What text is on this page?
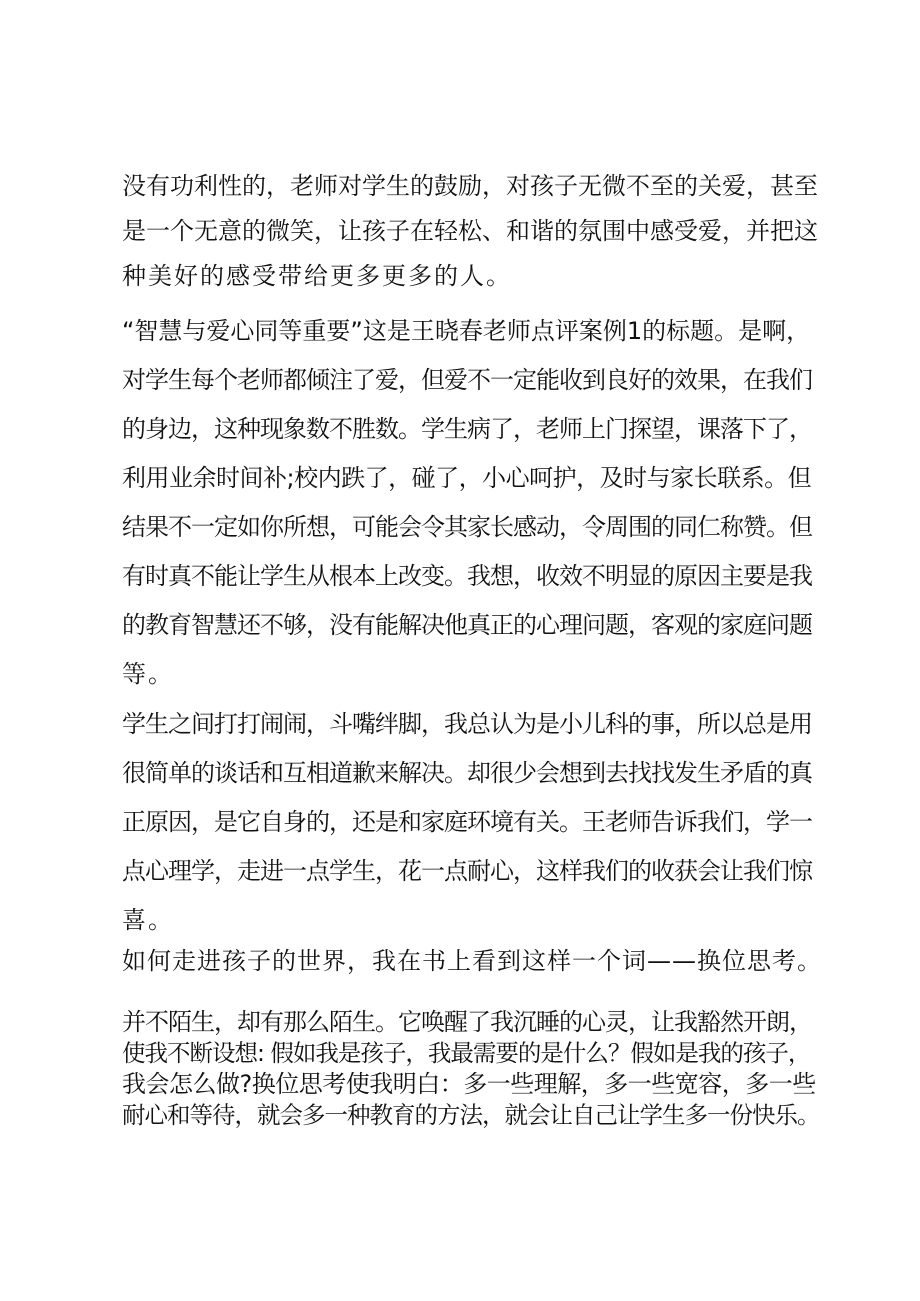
没有功利性的，老师对学生的鼓励，对孩子无微不至的关爱，甚至
是一个无意的微笑，让孩子在轻松、和谐的氛围中感受爱，并把这
种美好的感受带给更多更多的人。
“智慧与爱心同等重要”这是王晓春老师点评案例1的标题。是啊，
对学生每个老师都倾注了爱，但爱不一定能收到良好的效果，在我们
的身边，这种现象数不胜数。学生病了，老师上门探望，课落下了，
利用业余时间补;校内跌了，碰了，小心呵护，及时与家长联系。但
结果不一定如你所想，可能会令其家长感动，令周围的同仁称赞。但
有时真不能让学生从根本上改变。我想，收效不明显的原因主要是我
的教育智慧还不够，没有能解决他真正的心理问题，客观的家庭问题
等。
学生之间打打闹闹，斗嘴绊脚，我总认为是小儿科的事，所以总是用
很简单的谈话和互相道歉来解决。却很少会想到去找找发生矛盾的真
正原因，是它自身的，还是和家庭环境有关。王老师告诉我们，学一
点心理学，走进一点学生，花一点耐心，这样我们的收获会让我们惊
喜。
如何走进孩子的世界，我在书上看到这样一个词——换位思考。
并不陌生，却有那么陌生。它唤醒了我沉睡的心灵，让我豁然开朗，
使我不断设想: 假如我是孩子，我最需要的是什么？假如是我的孩子，
我会怎么做?换位思考使我明白：多一些理解，多一些宽容，多一些
耐心和等待，就会多一种教育的方法，就会让自己让学生多一份快乐。
